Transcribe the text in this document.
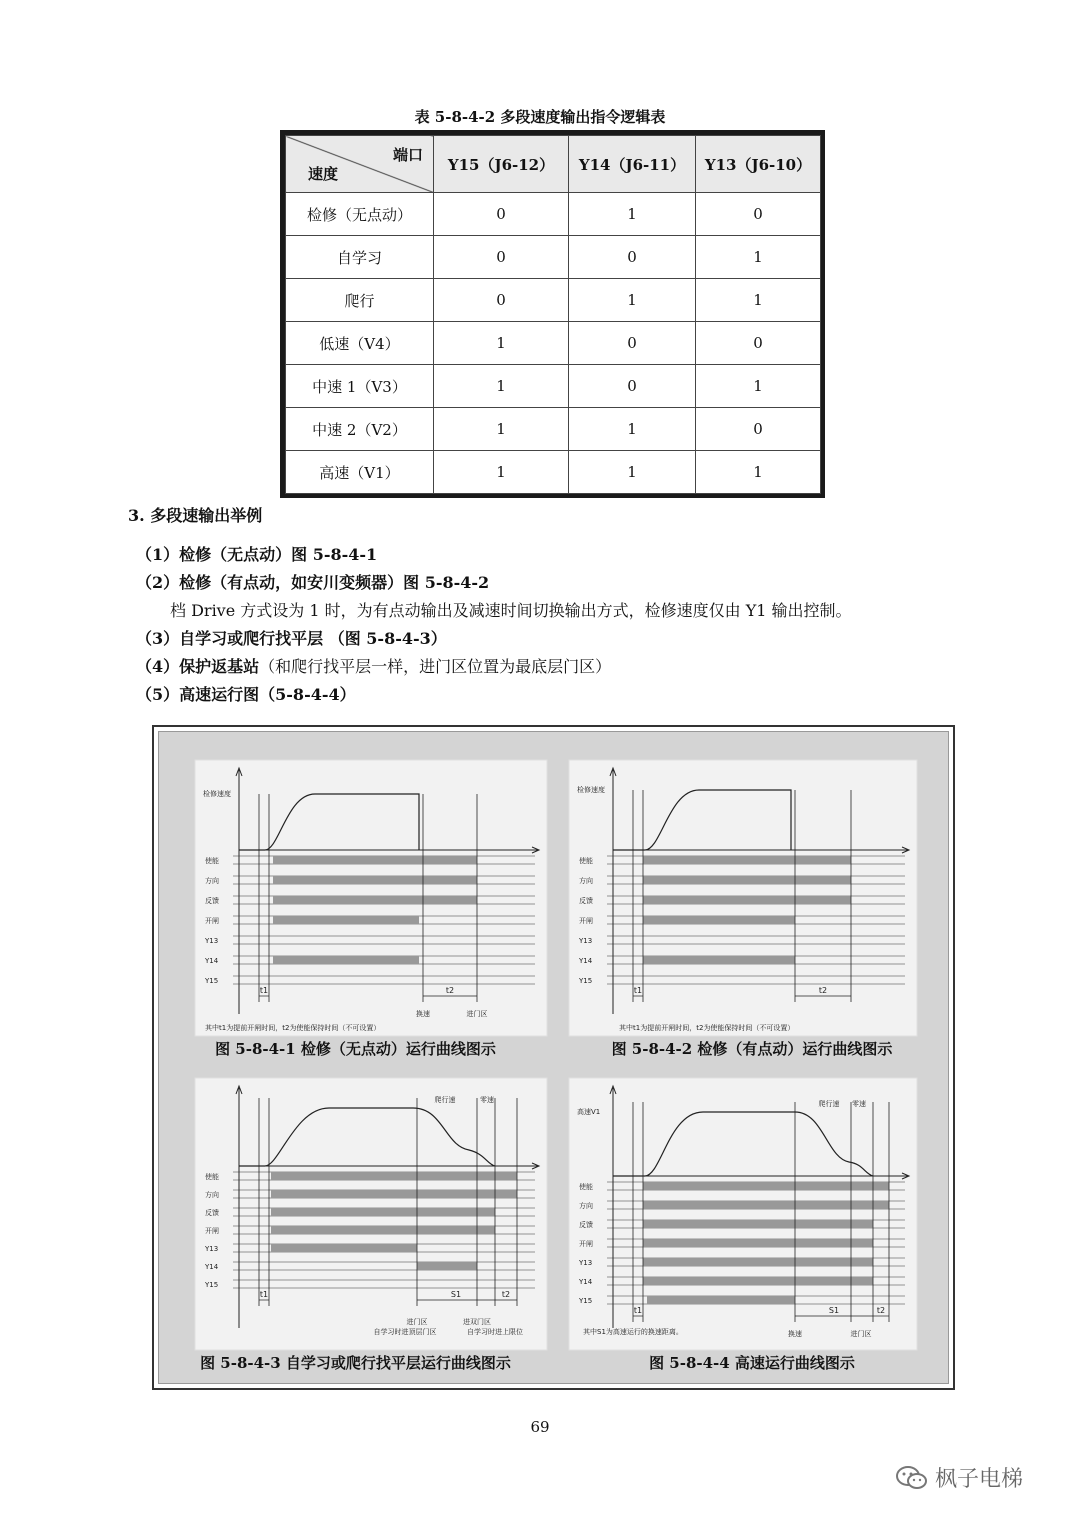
表 5-8-4-2 多段速度输出指令逻辑表
端口
速度	Y15（J6-12）	Y14（J6-11）	Y13（J6-10）
检修（无点动）	0	1	0
自学习	0	0	1
爬行	0	1	1
低速（V4）	1	0	0
中速 1（V3）	1	0	1
中速 2（V2）	1	1	0
高速（V1）	1	1	1
3. 多段速输出举例
（1）检修（无点动）图 5-8-4-1
（2）检修（有点动，如安川变频器）图 5-8-4-2
档 Drive 方式设为 1 时，为有点动输出及减速时间切换输出方式，检修速度仅由 Y1 输出控制。
（3）自学习或爬行找平层 （图 5-8-4-3）
（4）保护返基站（和爬行找平层一样，进门区位置为最底层门区）
（5）高速运行图（5-8-4-4）
检修速度
使能
方向
反馈
开闸
Y13
Y14
Y15
t1	t2
换速	进门区
其中t1为提前开闸时间，t2为使能保持时间（不可设置）
检修速度
使能
方向
反馈
开闸
Y13
Y14
Y15
t1	t2
其中t1为提前开闸时间，t2为使能保持时间（不可设置）
使能
方向
反馈
开闸
Y13
Y14
Y15
t1	S1	t2
爬行速	零速
进门区	进双门区
自学习时进顶层门区	自学习时进上限位
高速V1
使能
方向
反馈
开闸
Y13
Y14
Y15
t1	S1	t2
爬行速 零速
换速	进门区
其中S1为高速运行的换速距离。
图 5-8-4-1 检修（无点动）运行曲线图示	图 5-8-4-2 检修（有点动）运行曲线图示
图 5-8-4-3 自学习或爬行找平层运行曲线图示	图 5-8-4-4 高速运行曲线图示
69
枫子电梯
